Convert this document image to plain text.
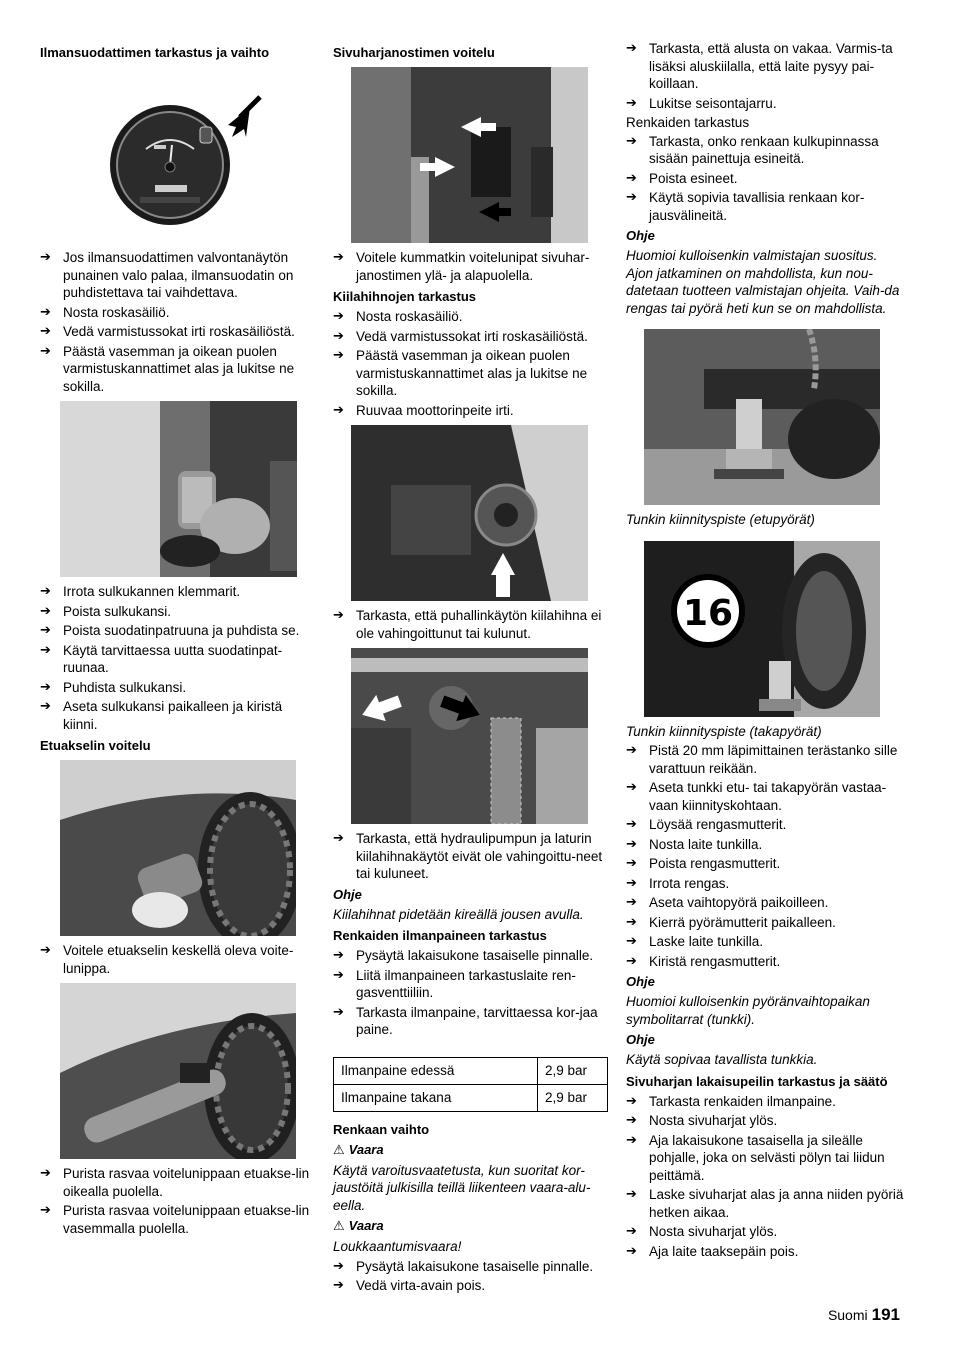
Ilmansuodattimen tarkastus ja vaihto
➔ Jos ilmansuodattimen valvontanäytön punainen valo palaa, ilmansuodatin on puhdistettava tai vaihdettava.
➔ Nosta roskasäiliö.
➔ Vedä varmistussokat irti roskasäiliöstä.
➔ Päästä vasemman ja oikean puolen varmistuskannattimet alas ja lukitse ne sokilla.
➔ Irrota sulkukannen klemmarit.
➔ Poista sulkukansi.
➔ Poista suodatinpatruuna ja puhdista se.
➔ Käytä tarvittaessa uutta suodatinpat-ruunaa.
➔ Puhdista sulkukansi.
➔ Aseta sulkukansi paikalleen ja kiristä kiinni.
Etuakselin voitelu
➔ Voitele etuakselin keskellä oleva voite-lunippa.
➔ Purista rasvaa voitelunippaan etuakse-lin oikealla puolella.
➔ Purista rasvaa voitelunippaan etuakse-lin vasemmalla puolella.
Sivuharjanostimen voitelu
➔ Voitele kummatkin voitelunipat sivuhar-janostimen ylä- ja alapuolella.
Kiilahihnojen tarkastus
➔ Nosta roskasäiliö.
➔ Vedä varmistussokat irti roskasäiliöstä.
➔ Päästä vasemman ja oikean puolen varmistuskannattimet alas ja lukitse ne sokilla.
➔ Ruuvaa moottorinpeite irti.
➔ Tarkasta, että puhallinkäytön kiilahihna ei ole vahingoittunut tai kulunut.
➔ Tarkasta, että hydraulipumpun ja laturin kiilahihnakäytöt eivät ole vahingoittu-neet tai kuluneet.
Ohje
Kiilahihnat pidetään kireällä jousen avulla.
Renkaiden ilmanpaineen tarkastus
➔ Pysäytä lakaisukone tasaiselle pinnalle.
➔ Liitä ilmanpaineen tarkastuslaite ren-gasventtiiliin.
➔ Tarkasta ilmanpaine, tarvittaessa kor-jaa paine.
Ilmanpaine edessä	2,9 bar
Ilmanpaine takana	2,9 bar
Renkaan vaihto
⚠ Vaara
Käytä varoitusvaatetusta, kun suoritat kor-jaustöitä julkisilla teillä liikenteen vaara-alu-eella.
⚠ Vaara
Loukkaantumisvaara!
➔ Pysäytä lakaisukone tasaiselle pinnalle.
➔ Vedä virta-avain pois.
➔ Tarkasta, että alusta on vakaa. Varmis-ta lisäksi aluskiilalla, että laite pysyy pai-koillaan.
➔ Lukitse seisontajarru.
Renkaiden tarkastus
➔ Tarkasta, onko renkaan kulkupinnassa sisään painettuja esineitä.
➔ Poista esineet.
➔ Käytä sopivia tavallisia renkaan kor-jausvälineitä.
Ohje
Huomioi kulloisenkin valmistajan suositus. Ajon jatkaminen on mahdollista, kun nou-datetaan tuotteen valmistajan ohjeita. Vaih-da rengas tai pyörä heti kun se on mahdollista.
Tunkin kiinnityspiste (etupyörät)
16
Tunkin kiinnityspiste (takapyörät)
➔ Pistä 20 mm läpimittainen terästanko sille varattuun reikään.
➔ Aseta tunkki etu- tai takapyörän vastaa-vaan kiinnityskohtaan.
➔ Löysää rengasmutterit.
➔ Nosta laite tunkilla.
➔ Poista rengasmutterit.
➔ Irrota rengas.
➔ Aseta vaihtopyörä paikoilleen.
➔ Kierrä pyörämutterit paikalleen.
➔ Laske laite tunkilla.
➔ Kiristä rengasmutterit.
Ohje
Huomioi kulloisenkin pyöränvaihtopaikan symbolitarrat (tunkki).
Ohje
Käytä sopivaa tavallista tunkkia.
Sivuharjan lakaisupeilin tarkastus ja säätö
➔ Tarkasta renkaiden ilmanpaine.
➔ Nosta sivuharjat ylös.
➔ Aja lakaisukone tasaisella ja sileälle pohjalle, joka on selvästi pölyn tai liidun peittämä.
➔ Laske sivuharjat alas ja anna niiden pyöriä hetken aikaa.
➔ Nosta sivuharjat ylös.
➔ Aja laite taaksepäin pois.
Suomi 191
